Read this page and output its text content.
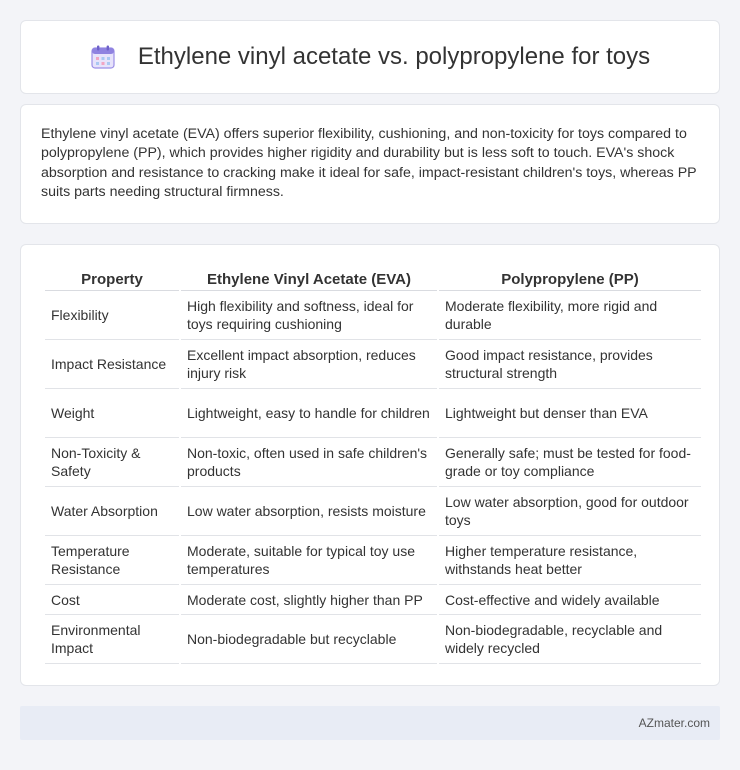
Ethylene vinyl acetate vs. polypropylene for toys

Ethylene vinyl acetate (EVA) offers superior flexibility, cushioning, and non-toxicity for toys compared to polypropylene (PP), which provides higher rigidity and durability but is less soft to touch. EVA's shock absorption and resistance to cracking make it ideal for safe, impact-resistant children's toys, whereas PP suits parts needing structural firmness.

Property	Ethylene Vinyl Acetate (EVA)	Polypropylene (PP)
Flexibility	High flexibility and softness, ideal for toys requiring cushioning	Moderate flexibility, more rigid and durable
Impact Resistance	Excellent impact absorption, reduces injury risk	Good impact resistance, provides structural strength
Weight	Lightweight, easy to handle for children	Lightweight but denser than EVA
Non-Toxicity & Safety	Non-toxic, often used in safe children's products	Generally safe; must be tested for food-grade or toy compliance
Water Absorption	Low water absorption, resists moisture	Low water absorption, good for outdoor toys
Temperature Resistance	Moderate, suitable for typical toy use temperatures	Higher temperature resistance, withstands heat better
Cost	Moderate cost, slightly higher than PP	Cost-effective and widely available
Environmental Impact	Non-biodegradable but recyclable	Non-biodegradable, recyclable and widely recycled
AZmater.com
